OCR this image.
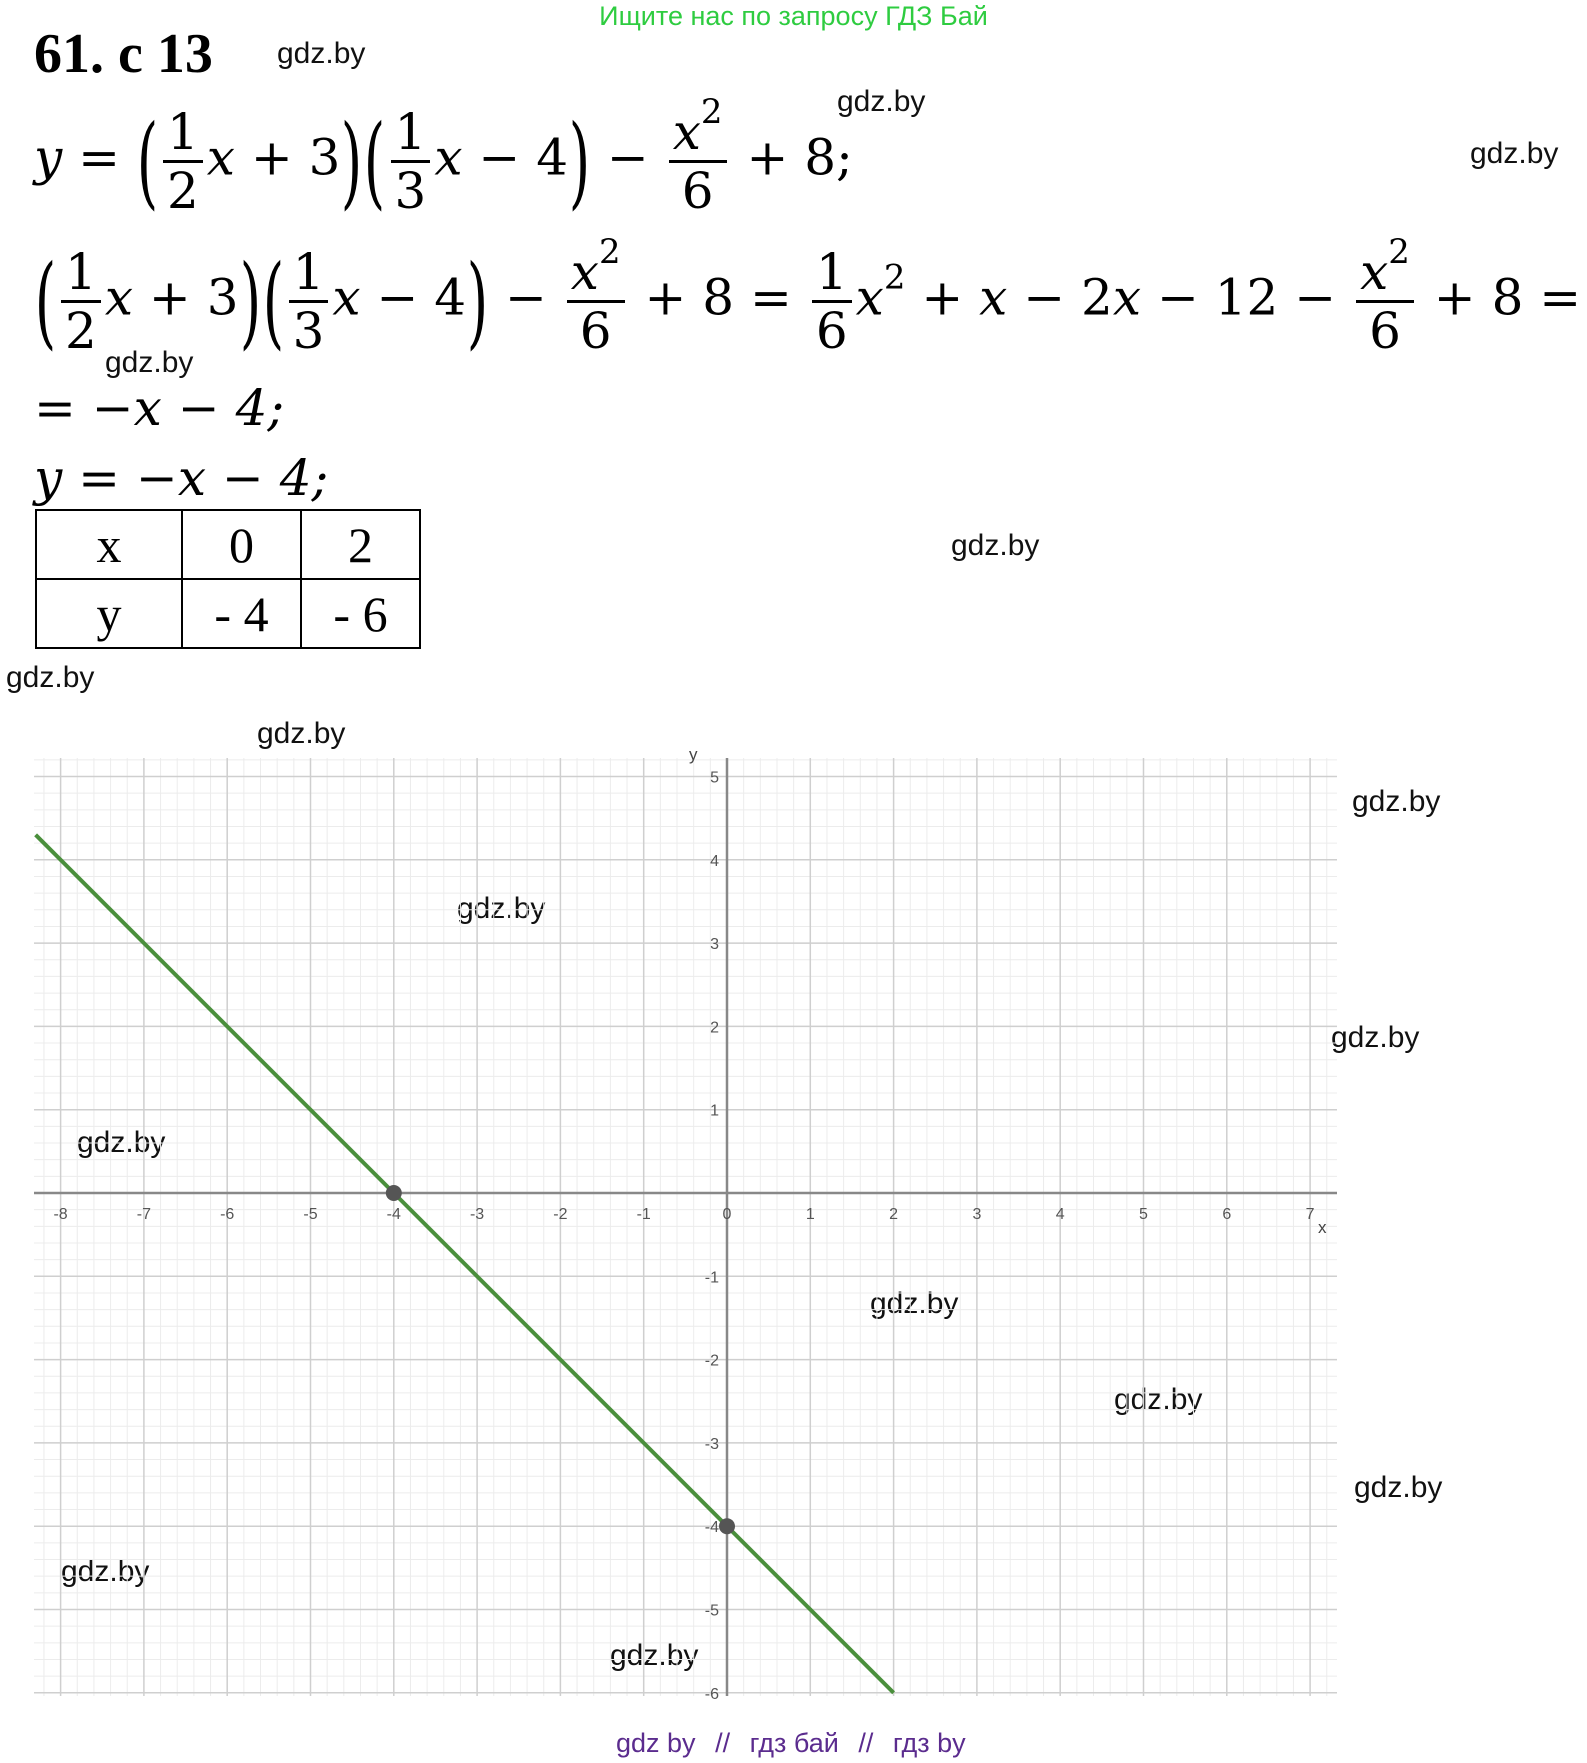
Ищите нас по запросу ГДЗ Бай
61. с 13
y = ( $\frac{1}{2}$ $x + 3)( \frac{1}{3}$ $x - 4) - \frac{x^2}{6} + 8$;
( $\frac{1}{2}$ $x + 3)( \frac{1}{3}$ $x - 4) - \frac{x^2}{6} + 8 = \frac{1}{6} x^2 + x - 2x - 12 - \frac{x^2}{6} + 8$ =
= −x − 4;
y = −x − 4;
x	0	2
y	- 4	- 6
gdz.by
gdz.by
gdz.by
gdz.by
gdz.by
gdz.by
gdz.by
gdz.by
gdz.by
gdz.by
gdz.by
gdz.by
gdz.by
gdz.by
gdz.by
gdz.by
x
y
-8	-7	-6	-5	-4	-3	-2	-1	0	1	2	3	4	5	6	7
5
4
3
2
1
-1
-2
-3
-4
-5
-6
gdz by // гдз бай // гдз by
